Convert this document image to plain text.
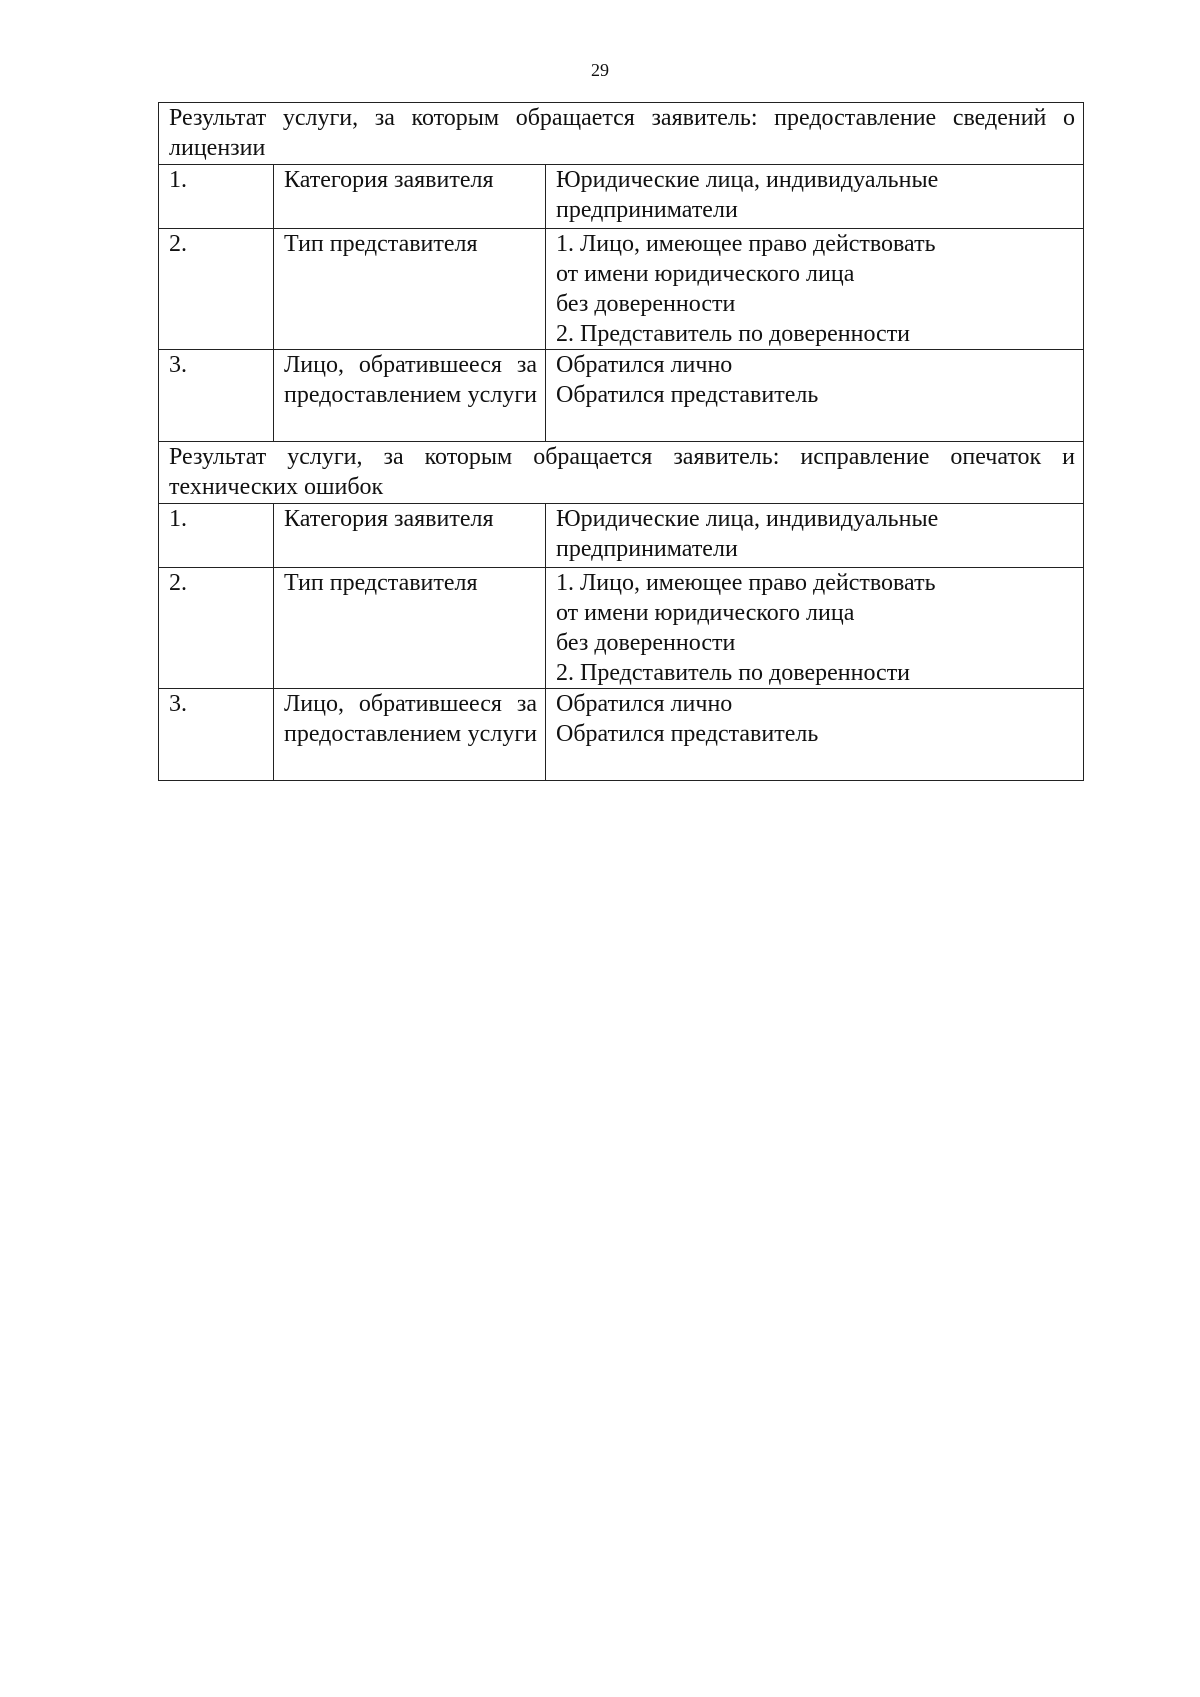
29
Результат услуги, за которым обращается заявитель: предоставление сведений о лицензии		
1.	Категория заявителя	Юридические лица, индивидуальные
предприниматели

2.	Тип представителя	1. Лицо, имеющее право действовать
от имени юридического лица
без доверенности
2. Представитель по доверенности

3.	Лицо, обратившееся за предоставлением услуги	Обратился лично
Обратился представитель

Результат услуги, за которым обращается заявитель: исправление опечаток и технических ошибок		
1.	Категория заявителя	Юридические лица, индивидуальные
предприниматели

2.	Тип представителя	1. Лицо, имеющее право действовать
от имени юридического лица
без доверенности
2. Представитель по доверенности

3.	Лицо, обратившееся за предоставлением услуги	Обратился лично
Обратился представитель
